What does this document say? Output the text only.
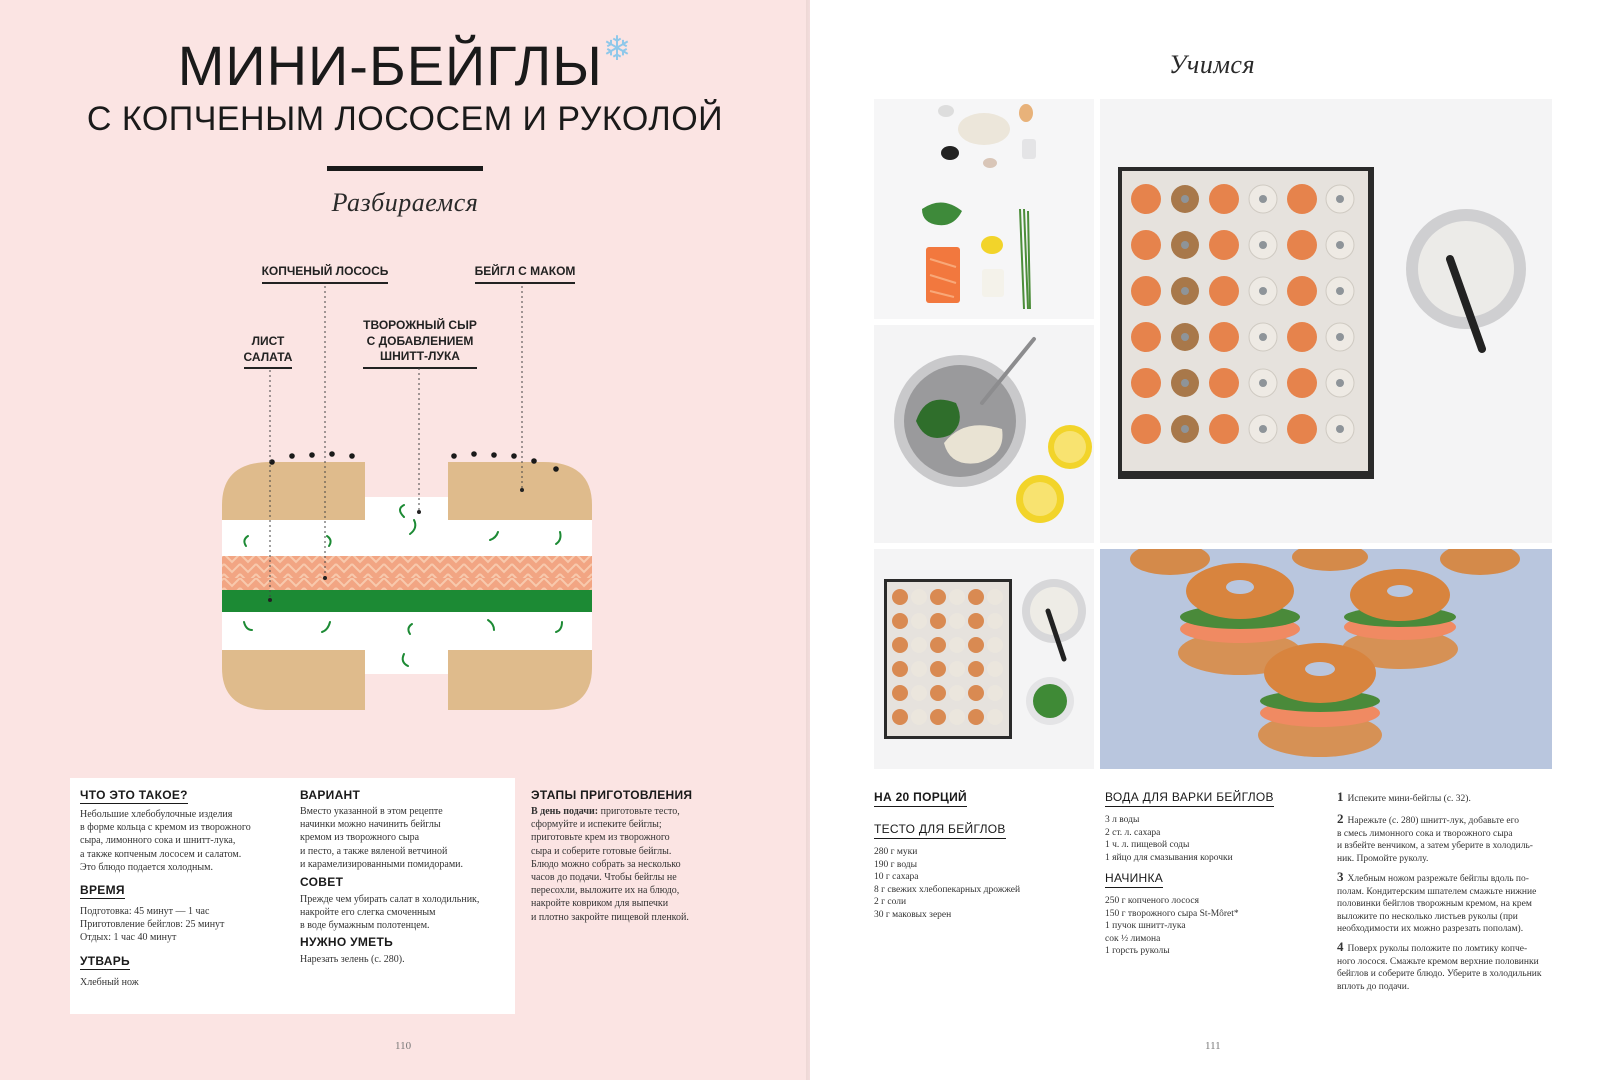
МИНИ-БЕЙГЛЫ❄
С КОПЧЕНЫМ ЛОСОСЕМ И РУКОЛОЙ
Разбираемся
КОПЧЕНЫЙ ЛОСОСЬ	БЕЙГЛ С МАКОМ
ТВОРОЖНЫЙ СЫР
С ДОБАВЛЕНИЕМ
ШНИТТ-ЛУКА
ЛИСТ
САЛАТА
ЧТО ЭТО ТАКОЕ?
Небольшие хлебобулочные изделия
в форме кольца с кремом из творожного
сыра, лимонного сока и шнитт-лука,
а также копченым лососем и салатом.
Это блюдо подается холодным.
ВРЕМЯ
Подготовка: 45 минут — 1 час
Приготовление бейглов: 25 минут
Отдых: 1 час 40 минут
УТВАРЬ
Хлебный нож
ВАРИАНТ
Вместо указанной в этом рецепте
начинки можно начинить бейглы
кремом из творожного сыра
и песто, а также вяленой ветчиной
и карамелизированными помидорами.
СОВЕТ
Прежде чем убирать салат в холодильник,
накройте его слегка смоченным
в воде бумажным полотенцем.
НУЖНО УМЕТЬ
Нарезать зелень (с. 280).
ЭТАПЫ ПРИГОТОВЛЕНИЯ
В день подачи: приготовьте тесто,
сформуйте и испеките бейглы;
приготовьте крем из творожного
сыра и соберите готовые бейглы.
Блюдо можно собрать за несколько
часов до подачи. Чтобы бейглы не
пересохли, выложите их на блюдо,
накройте ковриком для выпечки
и плотно закройте пищевой пленкой.
110
Учимся
НА 20 ПОРЦИЙ
ТЕСТО ДЛЯ БЕЙГЛОВ
280 г муки
190 г воды
10 г сахара
8 г свежих хлебопекарных дрожжей
2 г соли
30 г маковых зерен
ВОДА ДЛЯ ВАРКИ БЕЙГЛОВ
3 л воды
2 ст. л. сахара
1 ч. л. пищевой соды
1 яйцо для смазывания корочки
НАЧИНКА
250 г копченого лосося
150 г творожного сыра St-Môret*
1 пучок шнитт-лука
сок ½ лимона
1 горсть руколы
1 Испеките мини-бейглы (с. 32).
2 Нарежьте (с. 280) шнитт-лук, добавьте его
в смесь лимонного сока и творожного сыра
и взбейте венчиком, а затем уберите в холодиль-
ник. Промойте руколу.
3 Хлебным ножом разрежьте бейглы вдоль по-
полам. Кондитерским шпателем смажьте нижние
половинки бейглов творожным кремом, на крем
выложите по несколько листьев руколы (при
необходимости их можно разрезать пополам).
4 Поверх руколы положите по ломтику копче-
ного лосося. Смажьте кремом верхние половинки
бейглов и соберите блюдо. Уберите в холодильник
вплоть до подачи.
111
